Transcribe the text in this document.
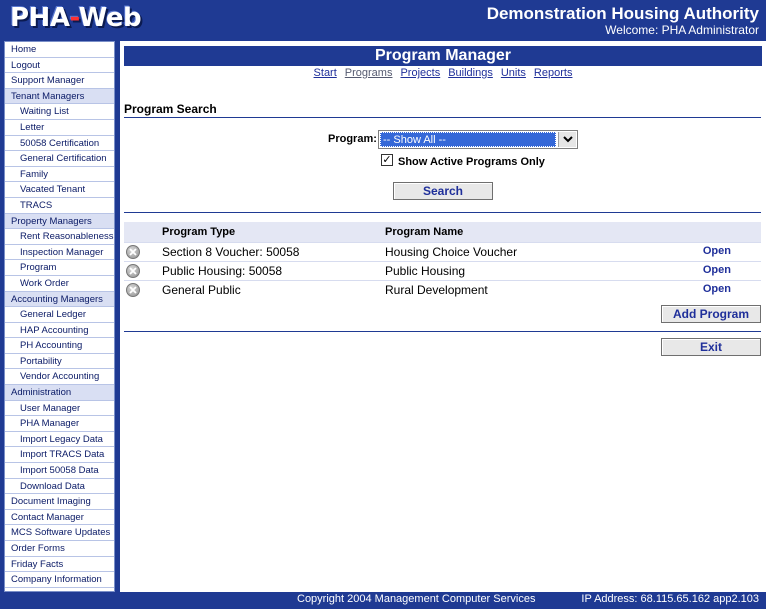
PHA-Web	Demonstration Housing Authority
Welcome: PHA Administrator
Home
Logout
Support Manager
Tenant Managers
Waiting List
Letter
50058 Certification
General Certification
Family
Vacated Tenant
TRACS
Property Managers
Rent Reasonableness
Inspection Manager
Program
Work Order
Accounting Managers
General Ledger
HAP Accounting
PH Accounting
Portability
Vendor Accounting
Administration
User Manager
PHA Manager
Import Legacy Data
Import TRACS Data
Import 50058 Data
Download Data
Document Imaging
Contact Manager
MCS Software Updates
Order Forms
Friday Facts
Company Information
Program Manager
Start Programs Projects Buildings Units Reports
Program Search
Program: -- Show All --
✓ Show Active Programs Only
Search
Program Type	Program Name
Section 8 Voucher: 50058	Housing Choice Voucher	Open
Public Housing: 50058	Public Housing	Open
General Public	Rural Development	Open
Add Program
Exit
Copyright 2004 Management Computer Services	IP Address: 68.115.65.162 app2.103
